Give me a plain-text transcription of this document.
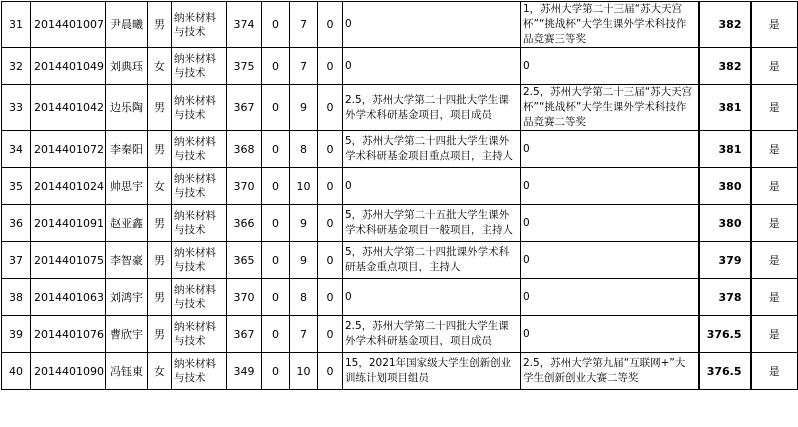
31	2014401007	尹晨曦	男	纳米材料与技术	374	0	7	0	0	1，苏州大学第二十三届“苏大天宫杯”“挑战杯”大学生课外学术科技作品竞赛三等奖	382	是
32	2014401049	刘典珏	女	纳米材料与技术	375	0	7	0	0	0	382	是
33	2014401042	边乐陶	男	纳米材料与技术	367	0	9	0	2.5，苏州大学第二十四批大学生课外学术科研基金项目，项目成员	2.5，苏州大学第二十三届“苏大天宫杯”“挑战杯”大学生课外学术科技作品竞赛二等奖	381	是
34	2014401072	李秦阳	男	纳米材料与技术	368	0	8	0	5，苏州大学第二十四批大学生课外学术科研基金项目重点项目，主持人	0	381	是
35	2014401024	帅思宇	女	纳米材料与技术	370	0	10	0	0	0	380	是
36	2014401091	赵亚鑫	男	纳米材料与技术	366	0	9	0	5，苏州大学第二十五批大学生课外学术科研基金项目一般项目，主持人	0	380	是
37	2014401075	李智豪	男	纳米材料与技术	365	0	9	0	5，苏州大学第二十四批课外学术科研基金重点项目，主持人	0	379	是
38	2014401063	刘鸿宇	男	纳米材料与技术	370	0	8	0	0	0	378	是
39	2014401076	曹欣宇	男	纳米材料与技术	367	0	7	0	2.5，苏州大学第二十四批大学生课外学术科研基金项目，项目成员	0	376.5	是
40	2014401090	冯钰東	女	纳米材料与技术	349	0	10	0	15，2021年国家级大学生创新创业训练计划项目组员	2.5，苏州大学第九届“互联网+”大学生创新创业大赛二等奖	376.5	是
